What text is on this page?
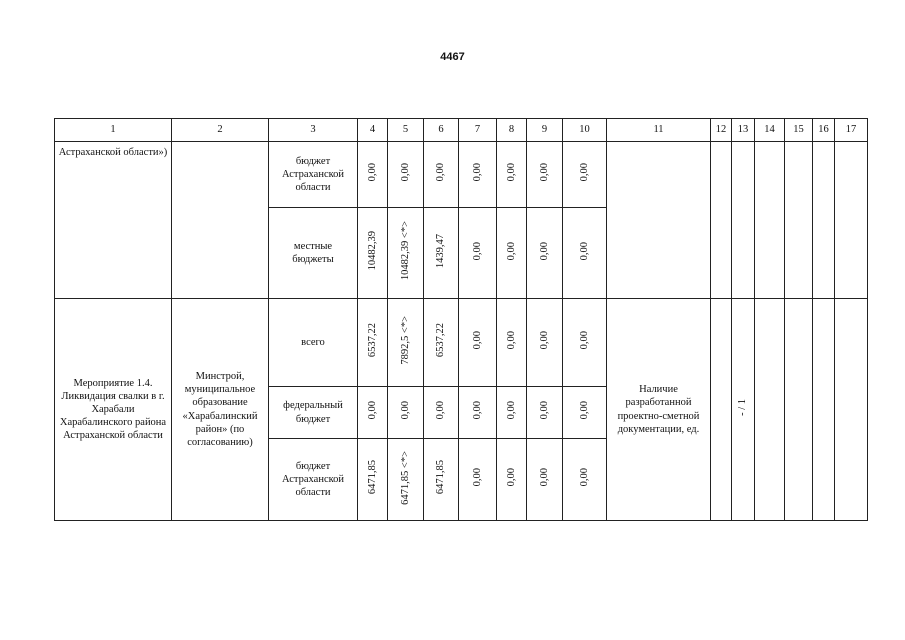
4467
1	2	3	4	5	6	7	8	9	10	11	12	13	14	15	16	17

Астраханской области»)		бюджет Астраханской области	0,00	0,00	0,00	0,00	0,00	0,00	0,00							

		местные бюджеты	10482,39	10482,39 <*>	1439,47	0,00	0,00	0,00	0,00							

Мероприятие 1.4. Ликвидация свалки в г. Харабали Харабалинского района Астраханской области	Минстрой, муниципальное образование «Харабалинский район» (по согласованию)	всего	6537,22	7892,5 <*>	6537,22	0,00	0,00	0,00	0,00	Наличие разработанной проектно-сметной документации, ед.		- / 1				

		федеральный бюджет	0,00	0,00	0,00	0,00	0,00	0,00	0,00							

		бюджет Астраханской области	6471,85	6471,85 <*>	6471,85	0,00	0,00	0,00	0,00							
